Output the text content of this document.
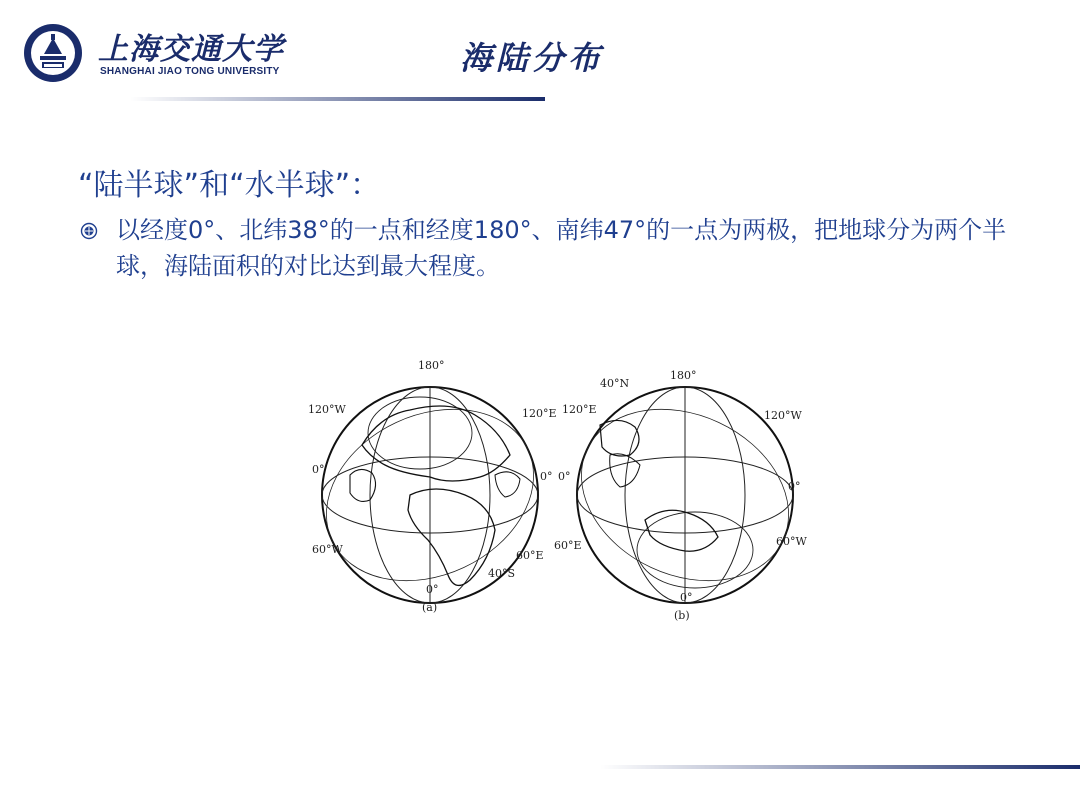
上海交通大学
SHANGHAI JIAO TONG UNIVERSITY	海陆分布
“陆半球”和“水半球”：
以经度0°、北纬38°的一点和经度180°、南纬47°的一点为两极，把地球分为两个半球，海陆面积的对比达到最大程度。
180°
120°W	120°E
0°
0°
60°W	60°E
40°S
0°
(a)
40°N
180°
120°E	120°W
0°
0°
60°E	60°W
0°
(b)
